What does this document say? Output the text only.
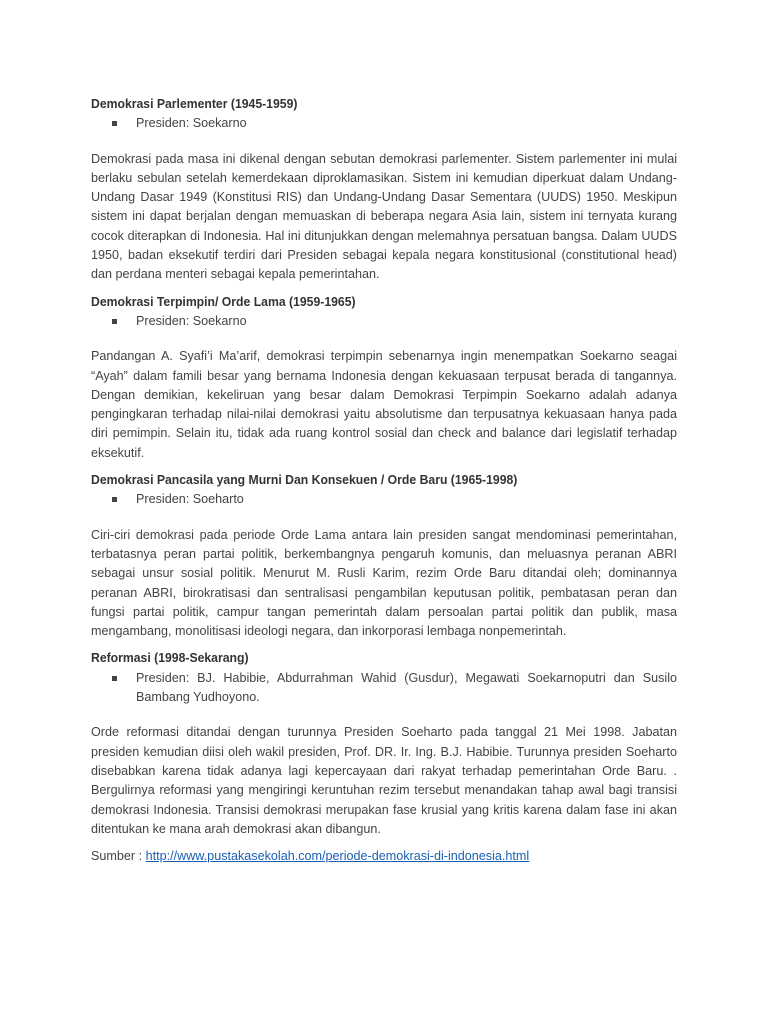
Demokrasi Parlementer (1945-1959)

Presiden: Soekarno

Demokrasi pada masa ini dikenal dengan sebutan demokrasi parlementer. Sistem parlementer ini mulai berlaku sebulan setelah kemerdekaan diproklamasikan. Sistem ini kemudian diperkuat dalam Undang-Undang Dasar 1949 (Konstitusi RIS) dan Undang-Undang Dasar Sementara (UUDS) 1950. Meskipun sistem ini dapat berjalan dengan memuaskan di beberapa negara Asia lain, sistem ini ternyata kurang cocok diterapkan di Indonesia. Hal ini ditunjukkan dengan melemahnya persatuan bangsa. Dalam UUDS 1950, badan eksekutif terdiri dari Presiden sebagai kepala negara konstitusional (constitutional head) dan perdana menteri sebagai kepala pemerintahan.

Demokrasi Terpimpin/ Orde Lama (1959-1965)

Presiden: Soekarno

Pandangan A. Syafi’i Ma’arif, demokrasi terpimpin sebenarnya ingin menempatkan Soekarno seagai “Ayah” dalam famili besar yang bernama Indonesia dengan kekuasaan terpusat berada di tangannya. Dengan demikian, kekeliruan yang besar dalam Demokrasi Terpimpin Soekarno adalah adanya pengingkaran terhadap nilai-nilai demokrasi yaitu absolutisme dan terpusatnya kekuasaan hanya pada diri pemimpin. Selain itu, tidak ada ruang kontrol sosial dan check and balance dari legislatif terhadap eksekutif.

Demokrasi Pancasila yang Murni Dan Konsekuen / Orde Baru (1965-1998)

Presiden: Soeharto

Ciri-ciri demokrasi pada periode Orde Lama antara lain presiden sangat mendominasi pemerintahan, terbatasnya peran partai politik, berkembangnya pengaruh komunis, dan meluasnya peranan ABRI sebagai unsur sosial politik. Menurut M. Rusli Karim, rezim Orde Baru ditandai oleh; dominannya peranan ABRI, birokratisasi dan sentralisasi pengambilan keputusan politik, pembatasan peran dan fungsi partai politik, campur tangan pemerintah dalam persoalan partai politik dan publik, masa mengambang, monolitisasi ideologi negara, dan inkorporasi lembaga nonpemerintah.

Reformasi (1998-Sekarang)

Presiden: BJ. Habibie, Abdurrahman Wahid (Gusdur), Megawati Soekarnoputri dan Susilo Bambang Yudhoyono.

Orde reformasi ditandai dengan turunnya Presiden Soeharto pada tanggal 21 Mei 1998. Jabatan presiden kemudian diisi oleh wakil presiden, Prof. DR. Ir. Ing. B.J. Habibie. Turunnya presiden Soeharto disebabkan karena tidak adanya lagi kepercayaan dari rakyat terhadap pemerintahan Orde Baru. . Bergulirnya reformasi yang mengiringi keruntuhan rezim tersebut menandakan tahap awal bagi transisi demokrasi Indonesia. Transisi demokrasi merupakan fase krusial yang kritis karena dalam fase ini akan ditentukan ke mana arah demokrasi akan dibangun.

Sumber : http://www.pustakasekolah.com/periode-demokrasi-di-indonesia.html
